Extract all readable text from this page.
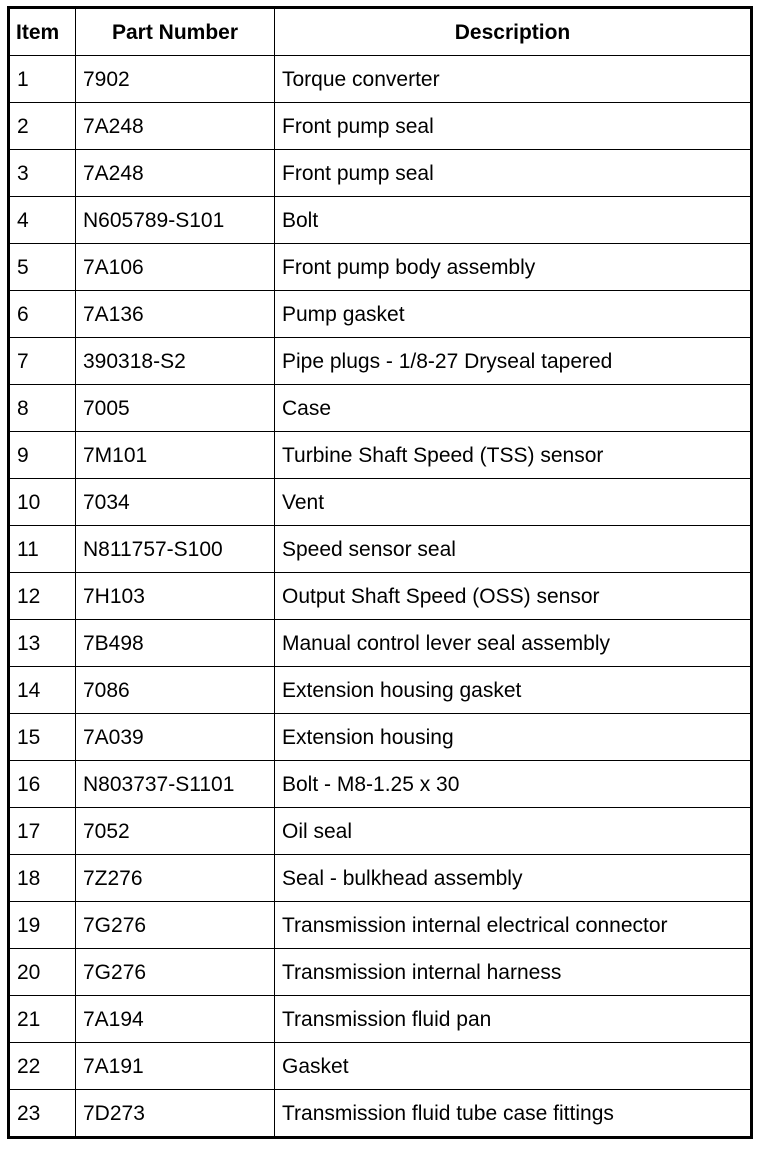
Item	Part Number	Description
1	7902	Torque converter
2	7A248	Front pump seal
3	7A248	Front pump seal
4	N605789-S101	Bolt
5	7A106	Front pump body assembly
6	7A136	Pump gasket
7	390318-S2	Pipe plugs - 1/8-27 Dryseal tapered
8	7005	Case
9	7M101	Turbine Shaft Speed (TSS) sensor
10	7034	Vent
11	N811757-S100	Speed sensor seal
12	7H103	Output Shaft Speed (OSS) sensor
13	7B498	Manual control lever seal assembly
14	7086	Extension housing gasket
15	7A039	Extension housing
16	N803737-S1101	Bolt - M8-1.25 x 30
17	7052	Oil seal
18	7Z276	Seal - bulkhead assembly
19	7G276	Transmission internal electrical connector
20	7G276	Transmission internal harness
21	7A194	Transmission fluid pan
22	7A191	Gasket
23	7D273	Transmission fluid tube case fittings
